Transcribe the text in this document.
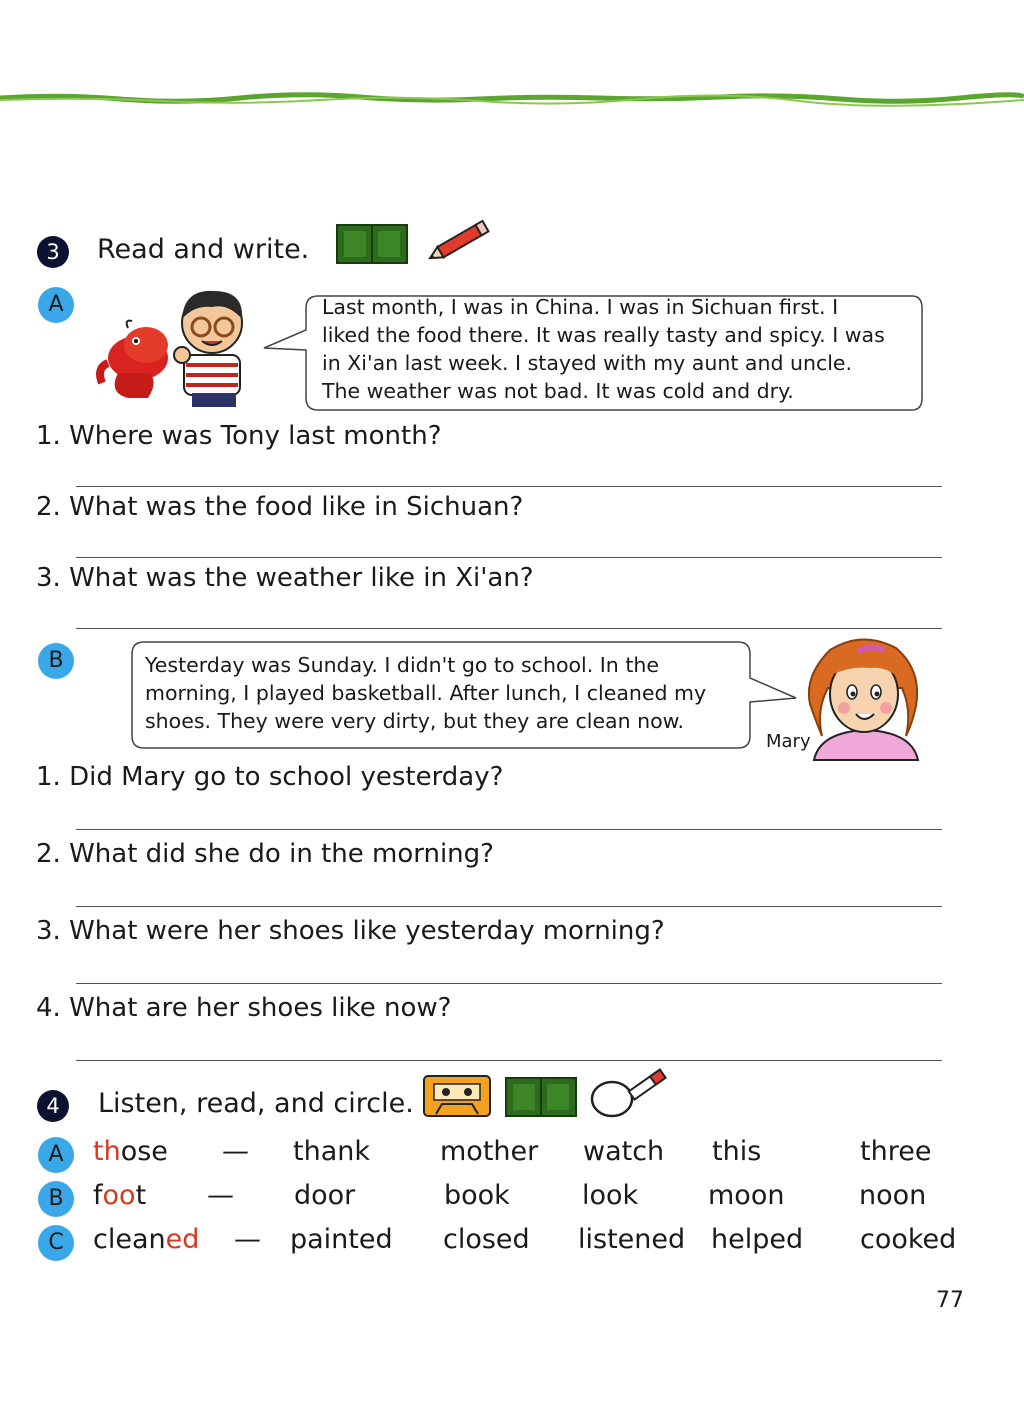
3	Read and write.
A	Last month, I was in China. I was in Sichuan first. I
liked the food there. It was really tasty and spicy. I was
in Xi'an last week. I stayed with my aunt and uncle.
The weather was not bad. It was cold and dry.
1. Where was Tony last month?
2. What was the food like in Sichuan?
3. What was the weather like in Xi'an?
B	Yesterday was Sunday. I didn't go to school. In the
morning, I played basketball. After lunch, I cleaned my
shoes. They were very dirty, but they are clean now.
Mary
1. Did Mary go to school yesterday?
2. What did she do in the morning?
3. What were her shoes like yesterday morning?
4. What are her shoes like now?
4	Listen, read, and circle.
A	those — thank	mother watch this	three
B	foot — door	book	look	moon	noon
C	cleaned — painted closed listened helped cooked
77
